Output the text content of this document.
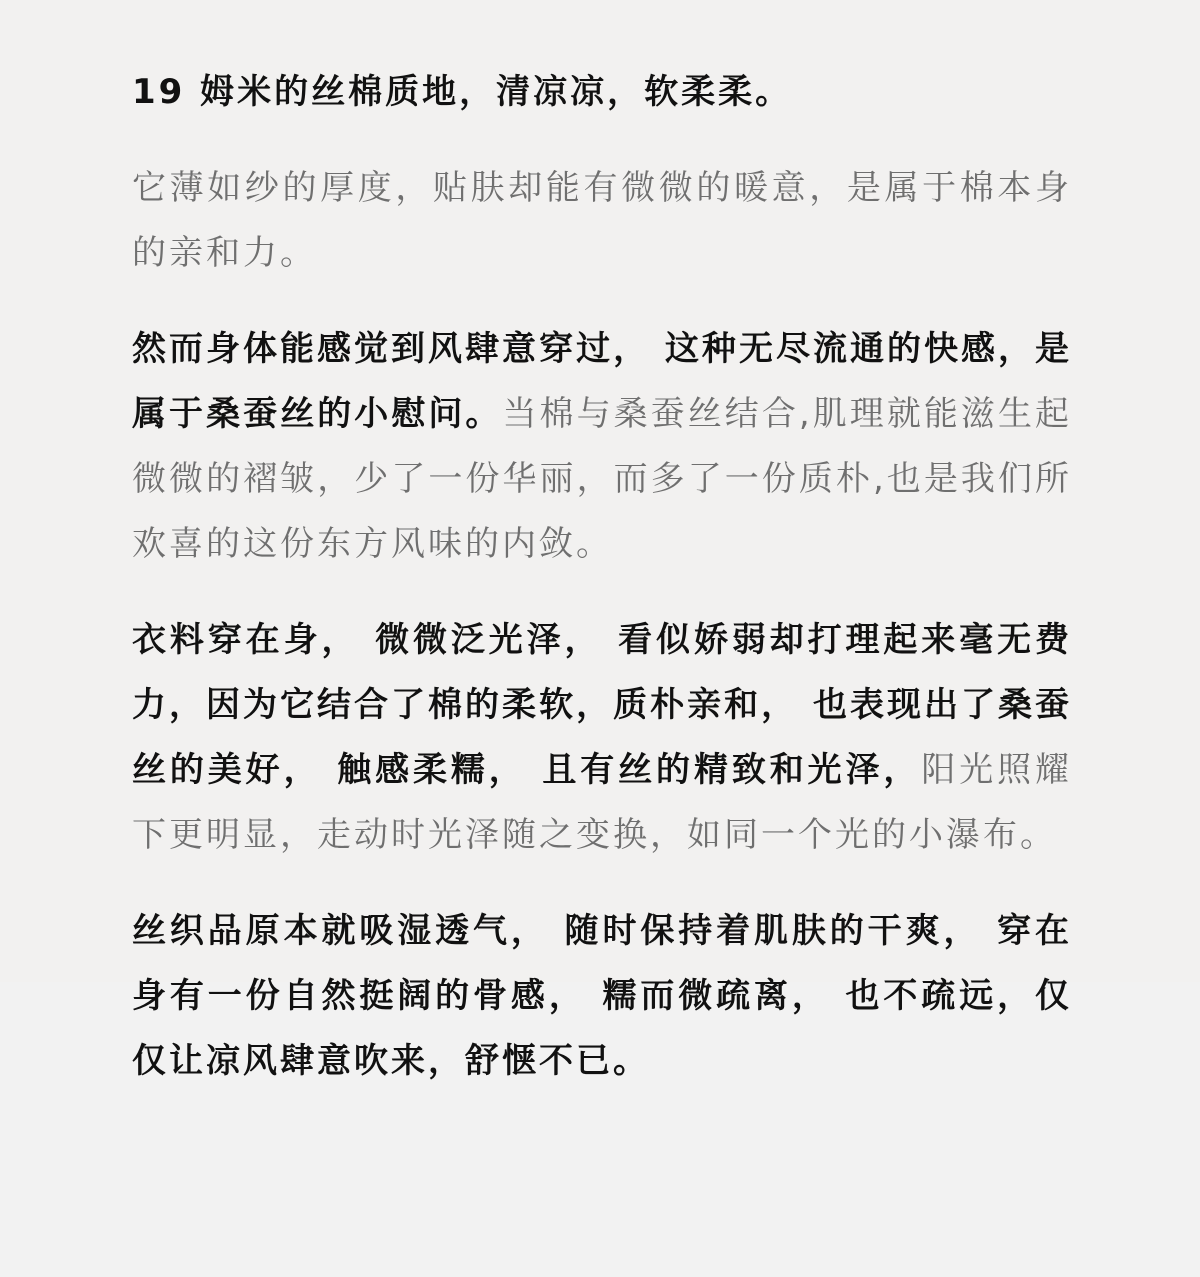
19 姆米的丝棉质地，清凉凉，软柔柔。

它薄如纱的厚度，贴肤却能有微微的暖意，是属于棉本身的亲和力。

然而身体能感觉到风肆意穿过， 这种无尽流通的快感，是属于桑蚕丝的小慰问。当棉与桑蚕丝结合,肌理就能滋生起微微的褶皱，少了一份华丽，而多了一份质朴,也是我们所欢喜的这份东方风味的内敛。

衣料穿在身， 微微泛光泽， 看似娇弱却打理起来毫无费力，因为它结合了棉的柔软，质朴亲和， 也表现出了桑蚕丝的美好， 触感柔糯， 且有丝的精致和光泽，阳光照耀下更明显，走动时光泽随之变换，如同一个光的小瀑布。

丝织品原本就吸湿透气， 随时保持着肌肤的干爽， 穿在身有一份自然挺阔的骨感， 糯而微疏离， 也不疏远，仅仅让凉风肆意吹来，舒惬不已。
